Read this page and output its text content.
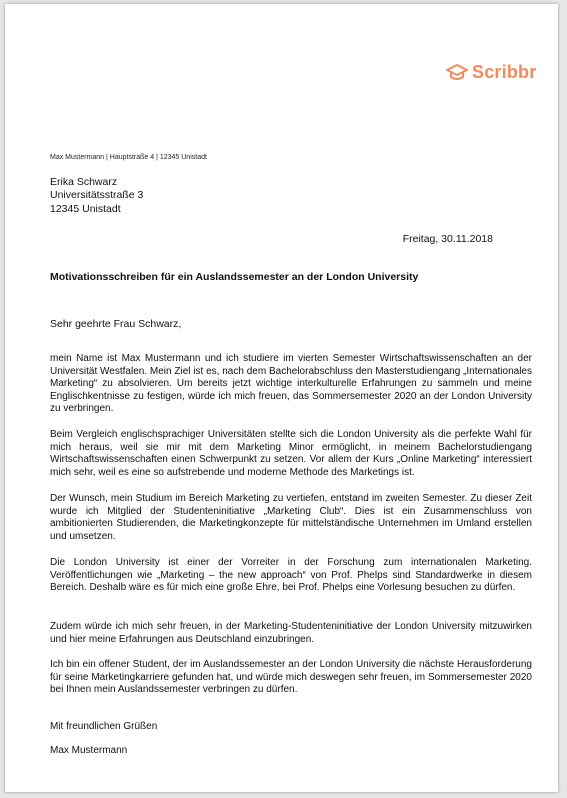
Scribbr
Max Mustermann | Hauptstraße 4 | 12345 Unistadt
Erika Schwarz
Universitätsstraße 3
12345 Unistadt
Freitag, 30.11.2018
Motivationsschreiben für ein Auslandssemester an der London University
Sehr geehrte Frau Schwarz,

mein Name ist Max Mustermann und ich studiere im vierten Semester Wirtschaftswissenschaften an der Universität Westfalen. Mein Ziel ist es, nach dem Bachelorabschluss den Masterstudiengang „Internationales Marketing“ zu absolvieren. Um bereits jetzt wichtige interkulturelle Erfahrungen zu sammeln und meine Englischkentnisse zu festigen, würde ich mich freuen, das Sommersemester 2020 an der London University zu verbringen.

Beim Vergleich englischsprachiger Universitäten stellte sich die London University als die perfekte Wahl für mich heraus, weil sie mir mit dem Marketing Minor ermöglicht, in meinem Bachelorstudiengang Wirtschaftswissenschaften einen Schwerpunkt zu setzen. Vor allem der Kurs „Online Marketing“ interessiert mich sehr, weil es eine so aufstrebende und moderne Methode des Marketings ist.

Der Wunsch, mein Studium im Bereich Marketing zu vertiefen, entstand im zweiten Semester. Zu dieser Zeit wurde ich Mitglied der Studenteninitiative „Marketing Club“. Dies ist ein Zusammenschluss von ambitionierten Studierenden, die Marketingkonzepte für mittelständische Unternehmen im Umland erstellen und umsetzen.

Die London University ist einer der Vorreiter in der Forschung zum internationalen Marketing. Veröffentlichungen wie „Marketing – the new approach“ von Prof. Phelps sind Standardwerke in diesem Bereich. Deshalb wäre es für mich eine große Ehre, bei Prof. Phelps eine Vorlesung besuchen zu dürfen.

Zudem würde ich mich sehr freuen, in der Marketing-Studenteninitiative der London University mitzuwirken und hier meine Erfahrungen aus Deutschland einzubringen.

Ich bin ein offener Student, der im Auslandssemester an der London University die nächste Herausforderung für seine Marketingkarriere gefunden hat, und würde mich deswegen sehr freuen, im Sommersemester 2020 bei Ihnen mein Auslandssemester verbringen zu dürfen.

Mit freundlichen Grüßen
Max Mustermann
